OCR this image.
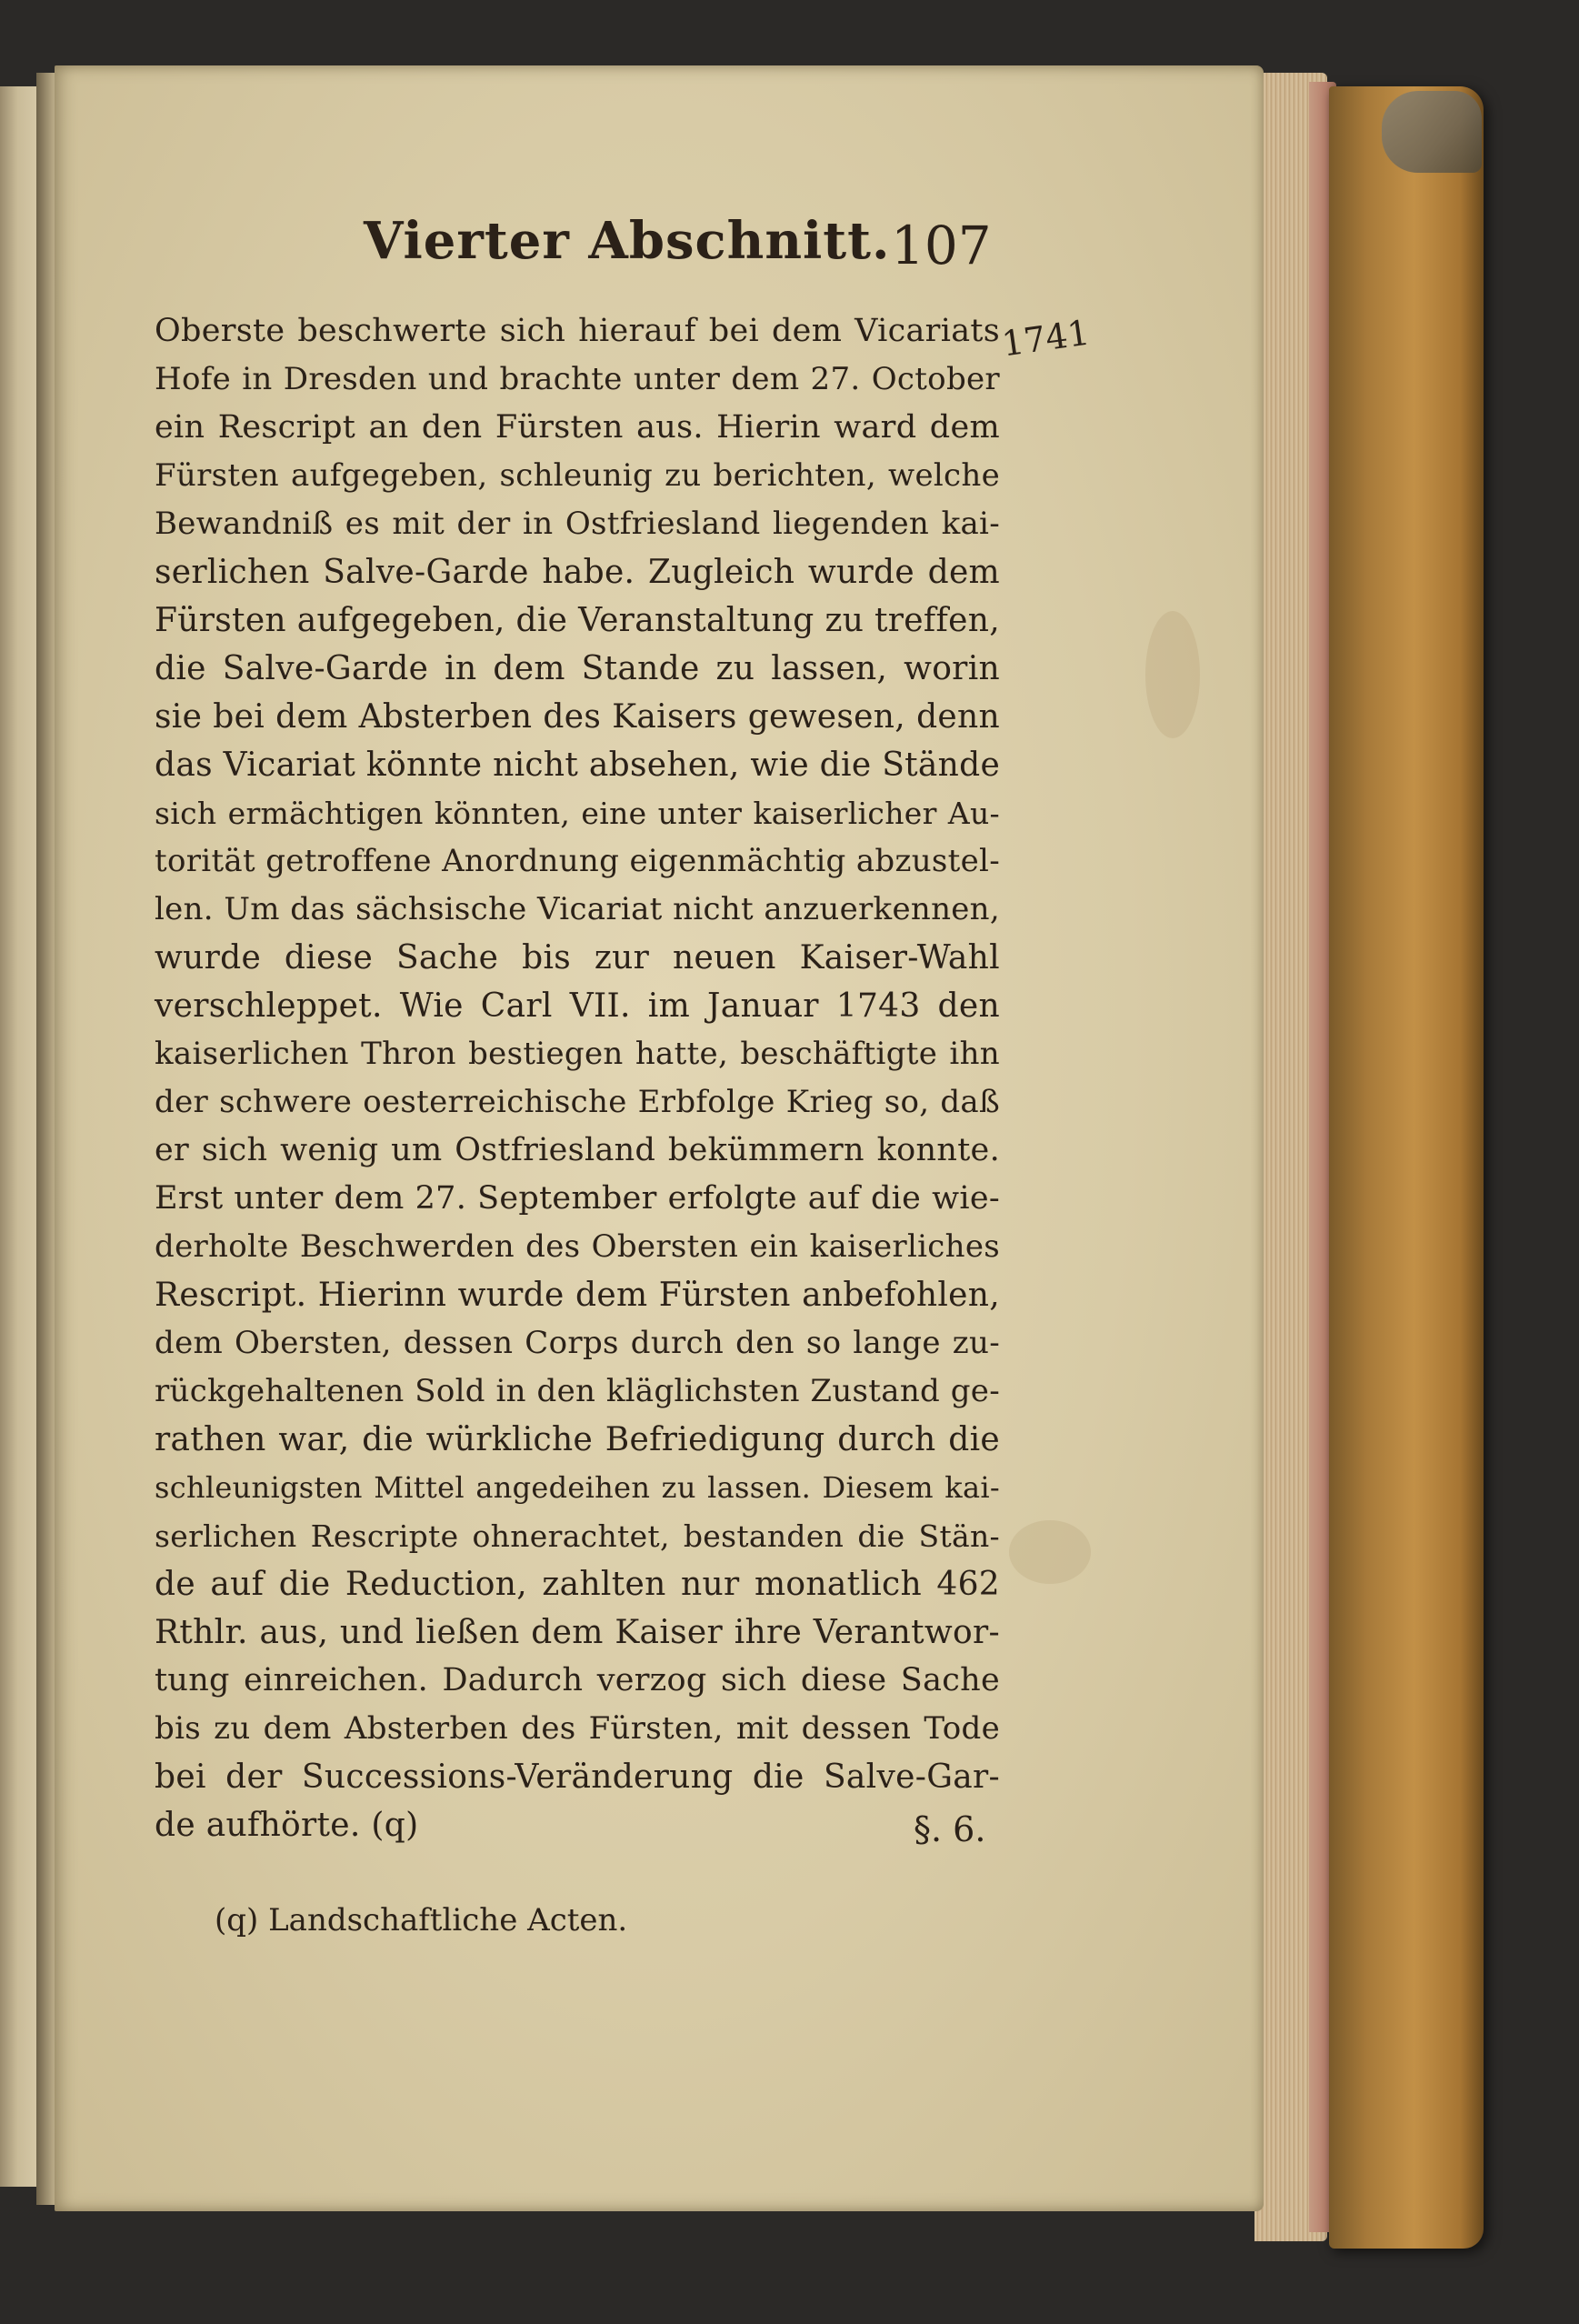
Vierter Abschnitt. 107
1741
Oberste beschwerte sich hierauf bei dem Vicariats
Hofe in Dresden und brachte unter dem 27. October
ein Rescript an den Fürsten aus. Hierin ward dem
Fürsten aufgegeben, schleunig zu berichten, welche
Bewandniß es mit der in Ostfriesland liegenden kai-
serlichen Salve-Garde habe. Zugleich wurde dem
Fürsten aufgegeben, die Veranstaltung zu treffen,
die Salve-Garde in dem Stande zu lassen, worin
sie bei dem Absterben des Kaisers gewesen, denn
das Vicariat könnte nicht absehen, wie die Stände
sich ermächtigen könnten, eine unter kaiserlicher Au-
torität getroffene Anordnung eigenmächtig abzustel-
len. Um das sächsische Vicariat nicht anzuerkennen,
wurde diese Sache bis zur neuen Kaiser-Wahl
verschleppet. Wie Carl VII. im Januar 1743 den
kaiserlichen Thron bestiegen hatte, beschäftigte ihn
der schwere oesterreichische Erbfolge Krieg so, daß
er sich wenig um Ostfriesland bekümmern konnte.
Erst unter dem 27. September erfolgte auf die wie-
derholte Beschwerden des Obersten ein kaiserliches
Rescript. Hierinn wurde dem Fürsten anbefohlen,
dem Obersten, dessen Corps durch den so lange zu-
rückgehaltenen Sold in den kläglichsten Zustand ge-
rathen war, die würkliche Befriedigung durch die
schleunigsten Mittel angedeihen zu lassen. Diesem kai-
serlichen Rescripte ohnerachtet, bestanden die Stän-
de auf die Reduction, zahlten nur monatlich 462
Rthlr. aus, und ließen dem Kaiser ihre Verantwor-
tung einreichen. Dadurch verzog sich diese Sache
bis zu dem Absterben des Fürsten, mit dessen Tode
bei der Successions-Veränderung die Salve-Gar-
de aufhörte. (q)	§. 6.
(q) Landschaftliche Acten.
